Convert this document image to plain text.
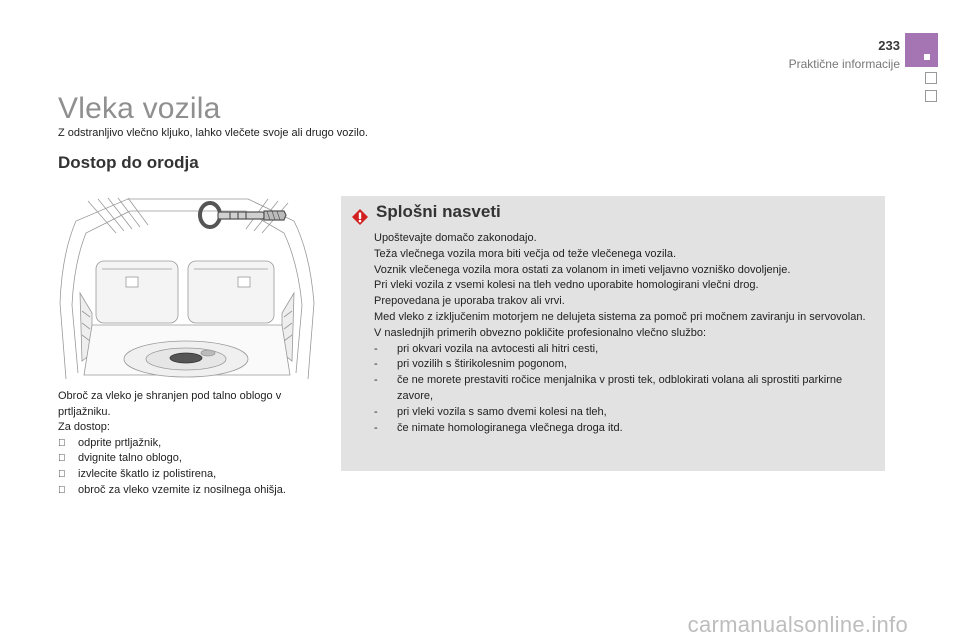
233
Praktične informacije
Vleka vozila
Z odstranljivo vlečno kljuko, lahko vlečete svoje ali drugo vozilo.
Dostop do orodja

Obroč za vleko je shranjen pod talno oblogo v prtljažniku.

Za dostop:

odprite prtljažnik,
dvignite talno oblogo,
izvlecite škatlo iz polistirena,
obroč za vleko vzemite iz nosilnega ohišja.
Splošni nasveti

Upoštevajte domačo zakonodajo.

Teža vlečnega vozila mora biti večja od teže vlečenega vozila.

Voznik vlečenega vozila mora ostati za volanom in imeti veljavno vozniško dovoljenje.

Pri vleki vozila z vsemi kolesi na tleh vedno uporabite homologirani vlečni drog.

Prepovedana je uporaba trakov ali vrvi.

Med vleko z izključenim motorjem ne delujeta sistema za pomoč pri močnem zaviranju in servovolan.

V naslednjih primerih obvezno pokličite profesionalno vlečno službo:

-	pri okvari vozila na avtocesti ali hitri cesti,
-	pri vozilih s štirikolesnim pogonom,
-	če ne morete prestaviti ročice menjalnika v prosti tek, odblokirati volana ali sprostiti parkirne zavore,
-	pri vleki vozila s samo dvemi kolesi na tleh,
-	če nimate homologiranega vlečnega droga itd.
carmanualsonline.info
